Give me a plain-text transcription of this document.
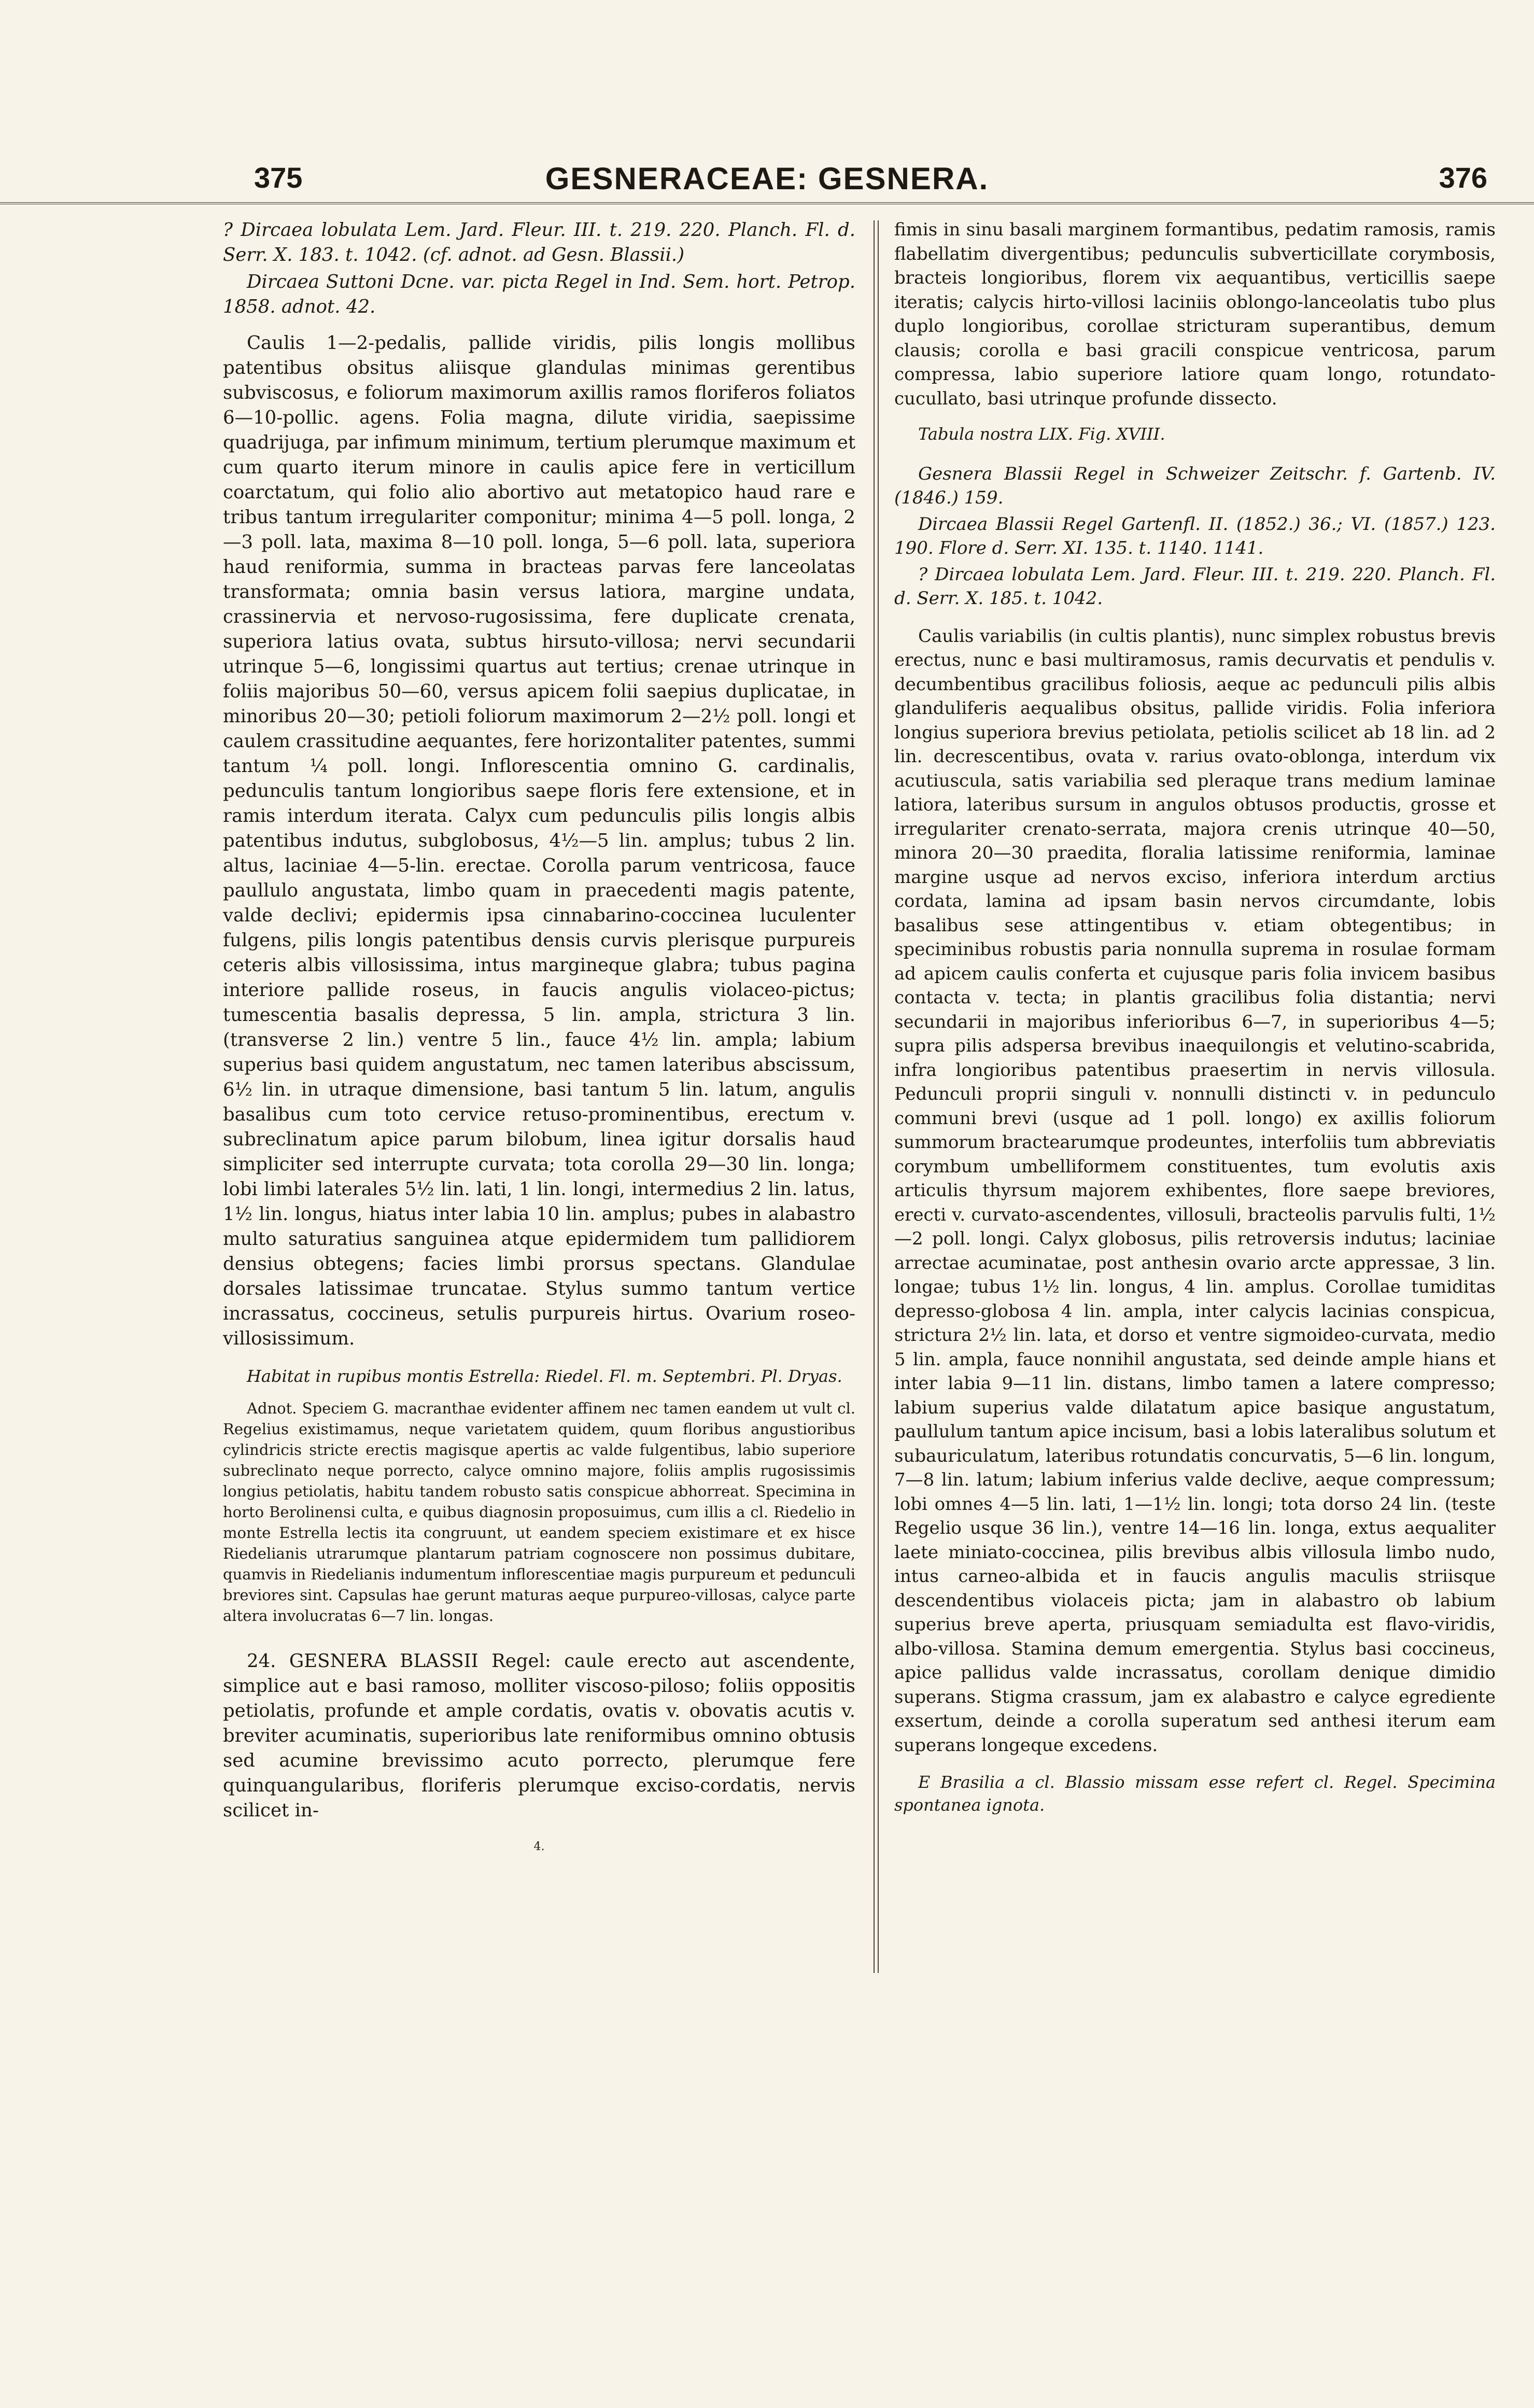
375	GESNERACEAE: GESNERA.	376

? Dircaea lobulata Lem. Jard. Fleur. III. t. 219. 220. Planch. Fl. d. Serr. X. 183. t. 1042. (cf. adnot. ad Gesn. Blassii.)

Dircaea Suttoni Dcne. var. picta Regel in Ind. Sem. hort. Petrop. 1858. adnot. 42.

Caulis 1—2-pedalis, pallide viridis, pilis longis mollibus patentibus obsitus aliisque glandulas minimas gerentibus subviscosus, e foliorum maximorum axillis ramos floriferos foliatos 6—10-pollic. agens. Folia magna, dilute viridia, saepissime quadrijuga, par infimum minimum, tertium plerumque maximum et cum quarto iterum minore in caulis apice fere in verticillum coarctatum, qui folio alio abortivo aut metatopico haud rare e tribus tantum irregulariter componitur; minima 4—5 poll. longa, 2—3 poll. lata, maxima 8—10 poll. longa, 5—6 poll. lata, superiora haud reniformia, summa in bracteas parvas fere lanceolatas transformata; omnia basin versus latiora, margine undata, crassinervia et nervoso-rugosissima, fere duplicate crenata, superiora latius ovata, subtus hirsuto-villosa; nervi secundarii utrinque 5—6, longissimi quartus aut tertius; crenae utrinque in foliis majoribus 50—60, versus apicem folii saepius duplicatae, in minoribus 20—30; petioli foliorum maximorum 2—2½ poll. longi et caulem crassitudine aequantes, fere horizontaliter patentes, summi tantum ¼ poll. longi. Inflorescentia omnino G. cardinalis, pedunculis tantum longioribus saepe floris fere extensione, et in ramis interdum iterata. Calyx cum pedunculis pilis longis albis patentibus indutus, subglobosus, 4½—5 lin. amplus; tubus 2 lin. altus, laciniae 4—5-lin. erectae. Corolla parum ventricosa, fauce paullulo angustata, limbo quam in praecedenti magis patente, valde declivi; epidermis ipsa cinnabarino-coccinea luculenter fulgens, pilis longis patentibus densis curvis plerisque purpureis ceteris albis villosissima, intus margineque glabra; tubus pagina interiore pallide roseus, in faucis angulis violaceo-pictus; tumescentia basalis depressa, 5 lin. ampla, strictura 3 lin. (transverse 2 lin.) ventre 5 lin., fauce 4½ lin. ampla; labium superius basi quidem angustatum, nec tamen lateribus abscissum, 6½ lin. in utraque dimensione, basi tantum 5 lin. latum, angulis basalibus cum toto cervice retuso-prominentibus, erectum v. subreclinatum apice parum bilobum, linea igitur dorsalis haud simpliciter sed interrupte curvata; tota corolla 29—30 lin. longa; lobi limbi laterales 5½ lin. lati, 1 lin. longi, intermedius 2 lin. latus, 1½ lin. longus, hiatus inter labia 10 lin. amplus; pubes in alabastro multo saturatius sanguinea atque epidermidem tum pallidiorem densius obtegens; facies limbi prorsus spectans. Glandulae dorsales latissimae truncatae. Stylus summo tantum vertice incrassatus, coccineus, setulis purpureis hirtus. Ovarium roseo-villosissimum.

Habitat in rupibus montis Estrella: Riedel. Fl. m. Septembri. Pl. Dryas.

Adnot. Speciem G. macranthae evidenter affinem nec tamen eandem ut vult cl. Regelius existimamus, neque varietatem quidem, quum floribus angustioribus cylindricis stricte erectis magisque apertis ac valde fulgentibus, labio superiore subreclinato neque porrecto, calyce omnino majore, foliis amplis rugosissimis longius petiolatis, habitu tandem robusto satis conspicue abhorreat. Specimina in horto Berolinensi culta, e quibus diagnosin proposuimus, cum illis a cl. Riedelio in monte Estrella lectis ita congruunt, ut eandem speciem existimare et ex hisce Riedelianis utrarumque plantarum patriam cognoscere non possimus dubitare, quamvis in Riedelianis indumentum inflorescentiae magis purpureum et pedunculi breviores sint. Capsulas hae gerunt maturas aeque purpureo-villosas, calyce parte altera involucratas 6—7 lin. longas.

24. GESNERA BLASSII Regel: caule erecto aut ascendente, simplice aut e basi ramoso, molliter viscoso-piloso; foliis oppositis petiolatis, profunde et ample cordatis, ovatis v. obovatis acutis v. breviter acuminatis, superioribus late reniformibus omnino obtusis sed acumine brevissimo acuto porrecto, plerumque fere quinquangularibus, floriferis plerumque exciso-cordatis, nervis scilicet in-

4.

fimis in sinu basali marginem formantibus, pedatim ramosis, ramis flabellatim divergentibus; pedunculis subverticillate corymbosis, bracteis longioribus, florem vix aequantibus, verticillis saepe iteratis; calycis hirto-villosi laciniis oblongo-lanceolatis tubo plus duplo longioribus, corollae stricturam superantibus, demum clausis; corolla e basi gracili conspicue ventricosa, parum compressa, labio superiore latiore quam longo, rotundato-cucullato, basi utrinque profunde dissecto.

Tabula nostra LIX. Fig. XVIII.

Gesnera Blassii Regel in Schweizer Zeitschr. f. Gartenb. IV. (1846.) 159.

Dircaea Blassii Regel Gartenfl. II. (1852.) 36.; VI. (1857.) 123. 190. Flore d. Serr. XI. 135. t. 1140. 1141.

? Dircaea lobulata Lem. Jard. Fleur. III. t. 219. 220. Planch. Fl. d. Serr. X. 185. t. 1042.

Caulis variabilis (in cultis plantis), nunc simplex robustus brevis erectus, nunc e basi multiramosus, ramis decurvatis et pendulis v. decumbentibus gracilibus foliosis, aeque ac pedunculi pilis albis glanduliferis aequalibus obsitus, pallide viridis. Folia inferiora longius superiora brevius petiolata, petiolis scilicet ab 18 lin. ad 2 lin. decrescentibus, ovata v. rarius ovato-oblonga, interdum vix acutiuscula, satis variabilia sed pleraque trans medium laminae latiora, lateribus sursum in angulos obtusos productis, grosse et irregulariter crenato-serrata, majora crenis utrinque 40—50, minora 20—30 praedita, floralia latissime reniformia, laminae margine usque ad nervos exciso, inferiora interdum arctius cordata, lamina ad ipsam basin nervos circumdante, lobis basalibus sese attingentibus v. etiam obtegentibus; in speciminibus robustis paria nonnulla suprema in rosulae formam ad apicem caulis conferta et cujusque paris folia invicem basibus contacta v. tecta; in plantis gracilibus folia distantia; nervi secundarii in majoribus inferioribus 6—7, in superioribus 4—5; supra pilis adspersa brevibus inaequilongis et velutino-scabrida, infra longioribus patentibus praesertim in nervis villosula. Pedunculi proprii singuli v. nonnulli distincti v. in pedunculo communi brevi (usque ad 1 poll. longo) ex axillis foliorum summorum bractearumque prodeuntes, interfoliis tum abbreviatis corymbum umbelliformem constituentes, tum evolutis axis articulis thyrsum majorem exhibentes, flore saepe breviores, erecti v. curvato-ascendentes, villosuli, bracteolis parvulis fulti, 1½—2 poll. longi. Calyx globosus, pilis retroversis indutus; laciniae arrectae acuminatae, post anthesin ovario arcte appressae, 3 lin. longae; tubus 1½ lin. longus, 4 lin. amplus. Corollae tumiditas depresso-globosa 4 lin. ampla, inter calycis lacinias conspicua, strictura 2½ lin. lata, et dorso et ventre sigmoideo-curvata, medio 5 lin. ampla, fauce nonnihil angustata, sed deinde ample hians et inter labia 9—11 lin. distans, limbo tamen a latere compresso; labium superius valde dilatatum apice basique angustatum, paullulum tantum apice incisum, basi a lobis lateralibus solutum et subauriculatum, lateribus rotundatis concurvatis, 5—6 lin. longum, 7—8 lin. latum; labium inferius valde declive, aeque compressum; lobi omnes 4—5 lin. lati, 1—1½ lin. longi; tota dorso 24 lin. (teste Regelio usque 36 lin.), ventre 14—16 lin. longa, extus aequaliter laete miniato-coccinea, pilis brevibus albis villosula limbo nudo, intus carneo-albida et in faucis angulis maculis striisque descendentibus violaceis picta; jam in alabastro ob labium superius breve aperta, priusquam semiadulta est flavo-viridis, albo-villosa. Stamina demum emergentia. Stylus basi coccineus, apice pallidus valde incrassatus, corollam denique dimidio superans. Stigma crassum, jam ex alabastro e calyce egrediente exsertum, deinde a corolla superatum sed anthesi iterum eam superans longeque excedens.

E Brasilia a cl. Blassio missam esse refert cl. Regel. Specimina spontanea ignota.
